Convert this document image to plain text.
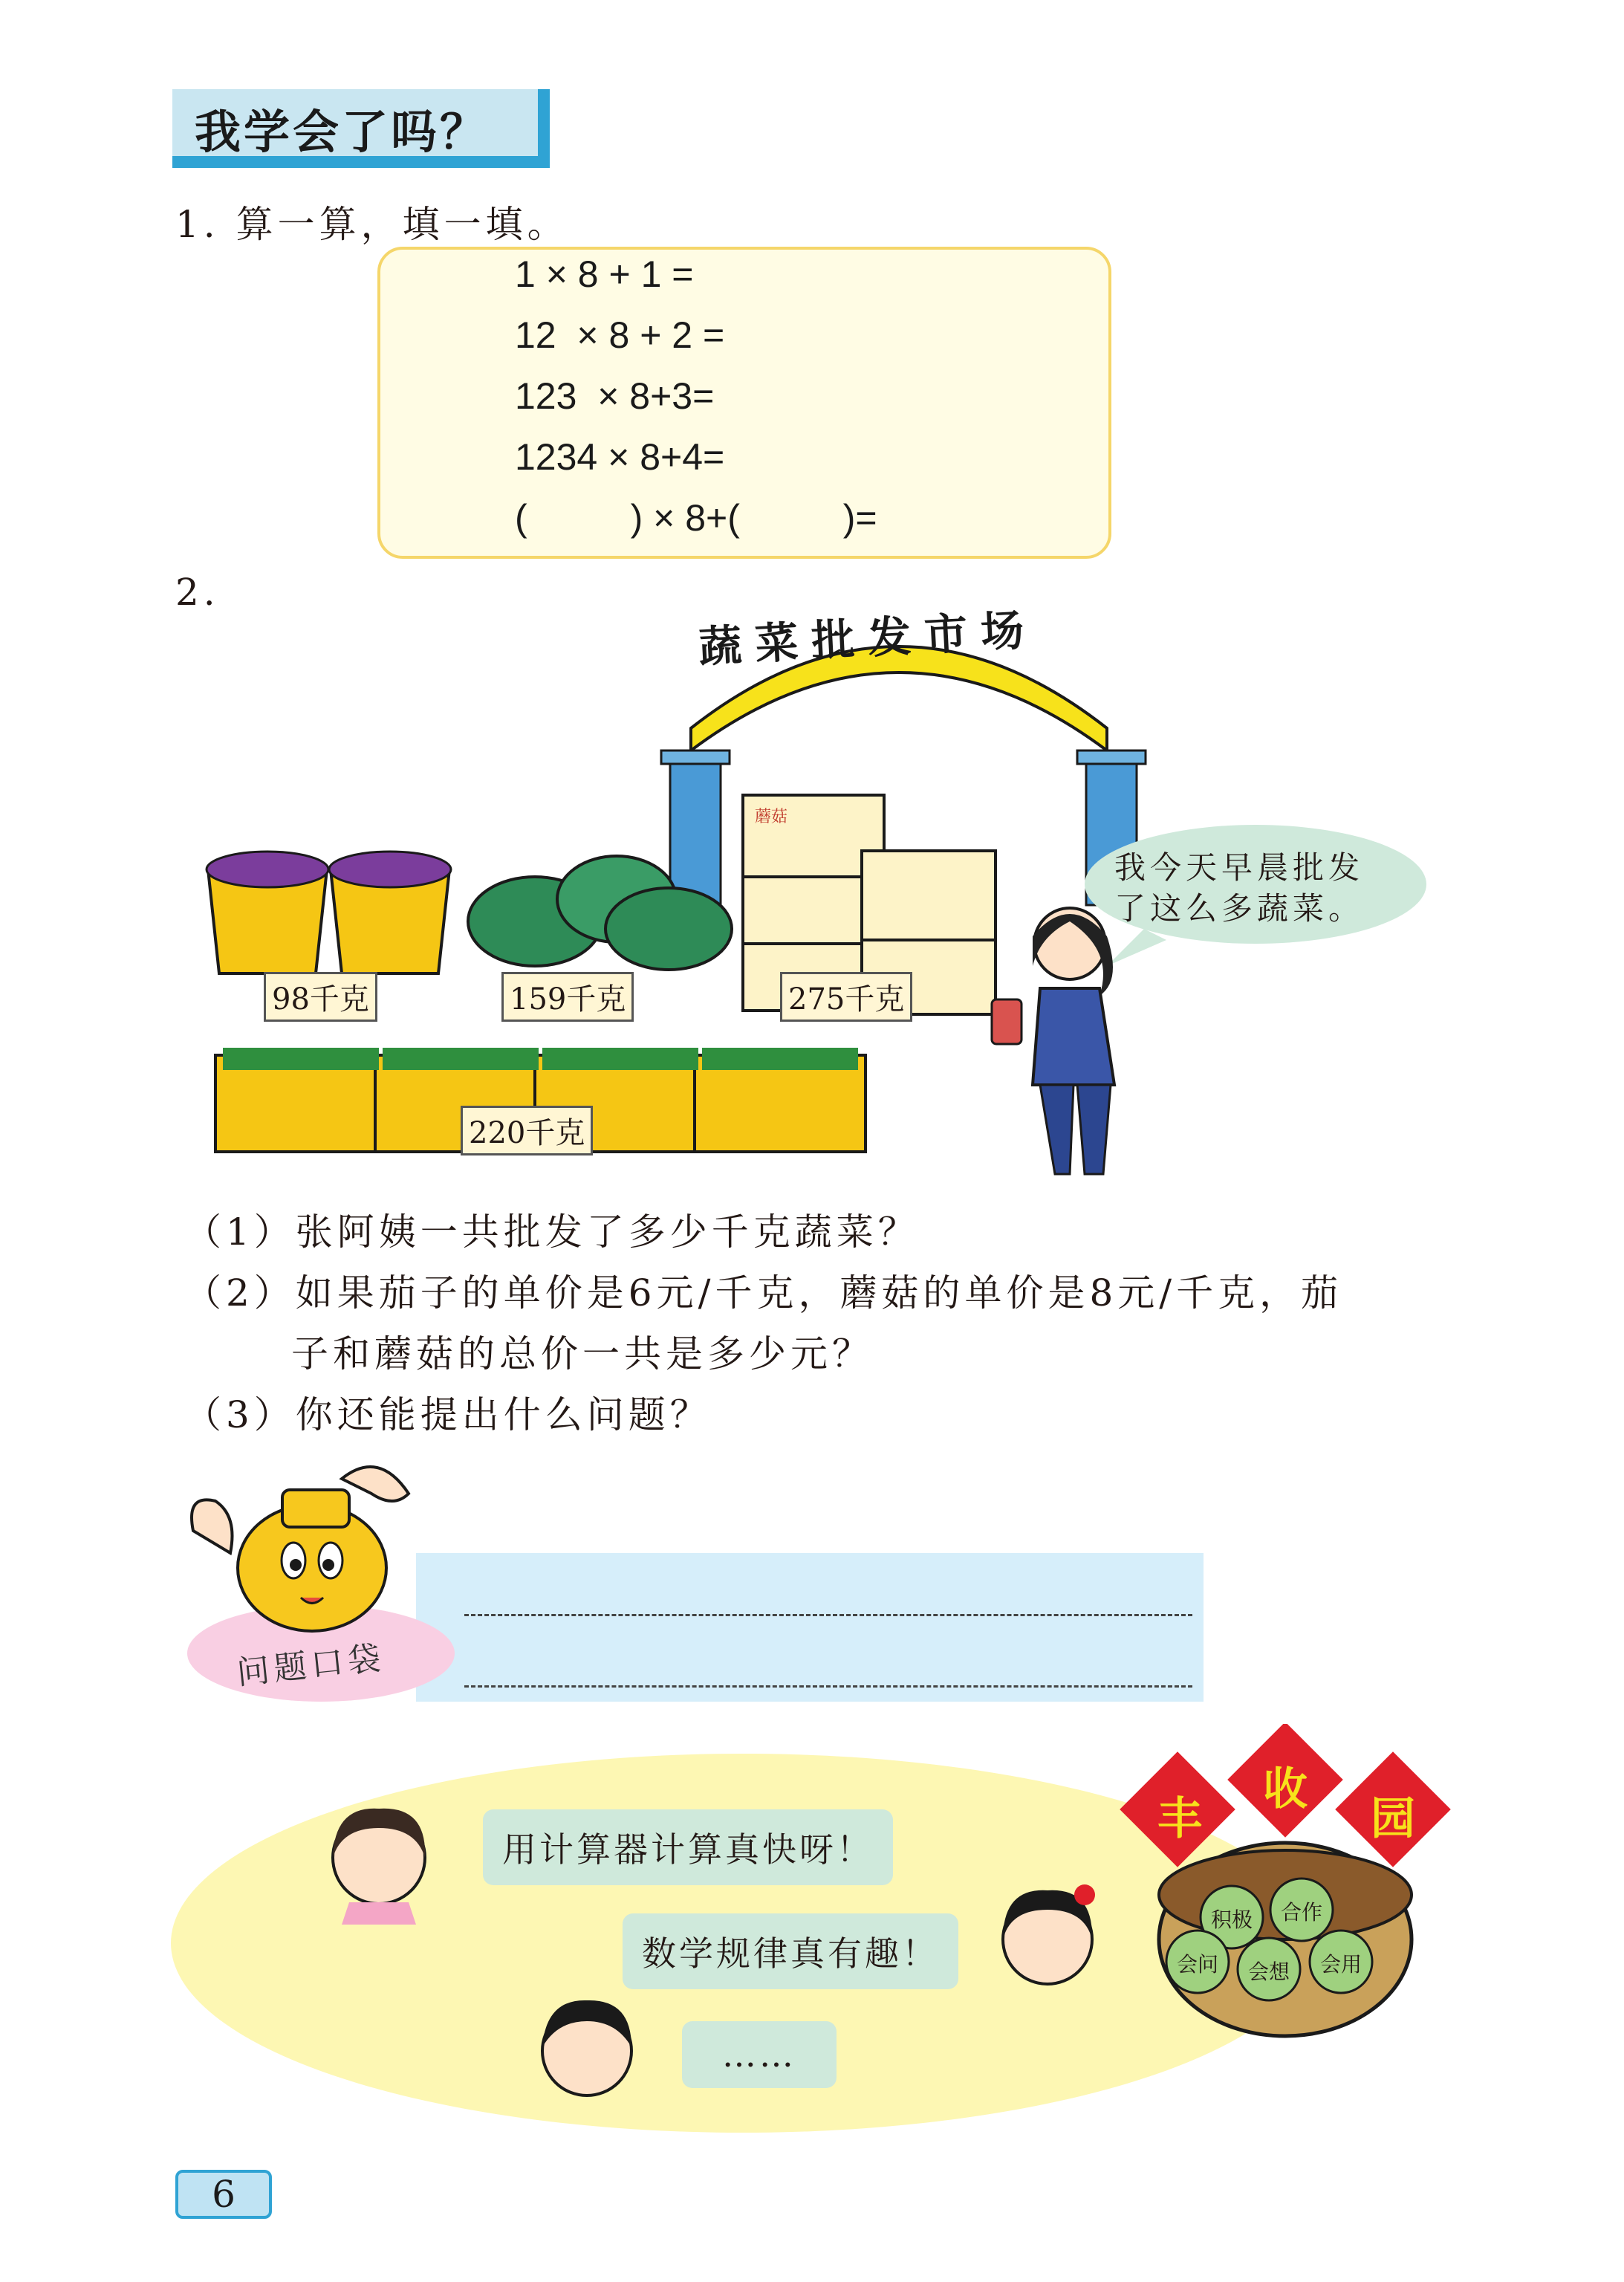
我学会了吗？
1. 算一算，填一填。
1 × 8 + 1 =
12  × 8 + 2 =
123  × 8+3=
1234 × 8+4=
(          ) × 8+(          )=
2.
蔬菜批发市场
我今天早晨批发
了这么多蔬菜。
蘑菇
98千克	159千克	275千克
220千克
（1）张阿姨一共批发了多少千克蔬菜？
（2）如果茄子的单价是6元/千克，蘑菇的单价是8元/千克，茄
子和蘑菇的总价一共是多少元？
（3）你还能提出什么问题？
问题口袋
用计算器计算真快呀！
数学规律真有趣！
……
丰
收
园
积极 合作
会问 会想 会用
6
